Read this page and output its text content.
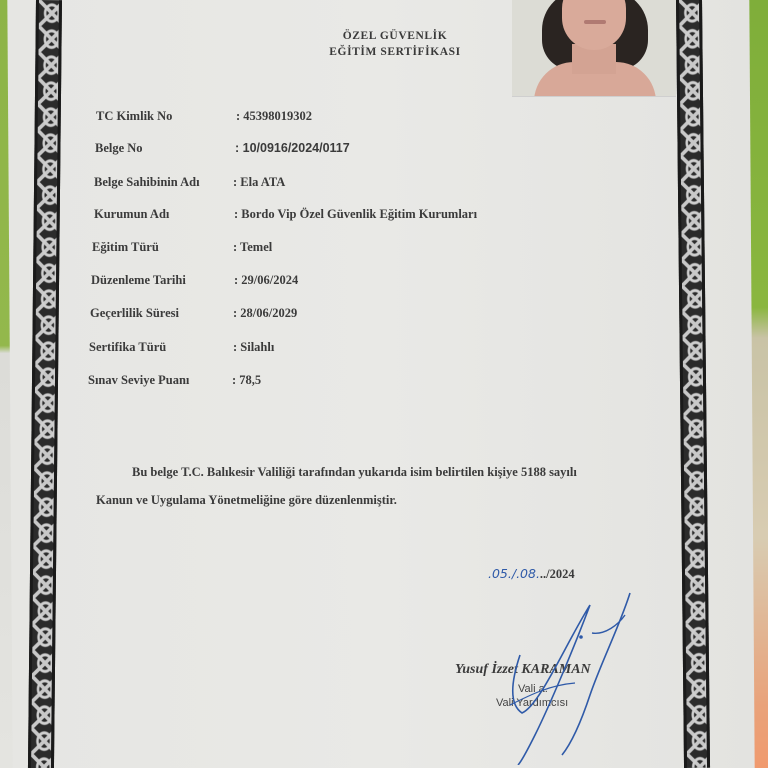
ÖZEL GÜVENLİK
EĞİTİM SERTİFİKASI
TC Kimlik No	: 45398019302
Belge No	: 10/0916/2024/0117
Belge Sahibinin Adı	: Ela ATA
Kurumun Adı	: Bordo Vip Özel Güvenlik Eğitim Kurumları
Eğitim Türü	: Temel
Düzenleme Tarihi	: 29/06/2024
Geçerlilik Süresi	: 28/06/2029
Sertifika Türü	: Silahlı
Sınav Seviye Puanı	: 78,5
Bu belge T.C. Balıkesir Valiliği tarafından yukarıda isim belirtilen kişiye 5188 sayılı
Kanun ve Uygulama Yönetmeliğine göre düzenlenmiştir.
.05./.08.../2024
Yusuf İzzet KARAMAN
Vali a.
Vali Yardımcısı
